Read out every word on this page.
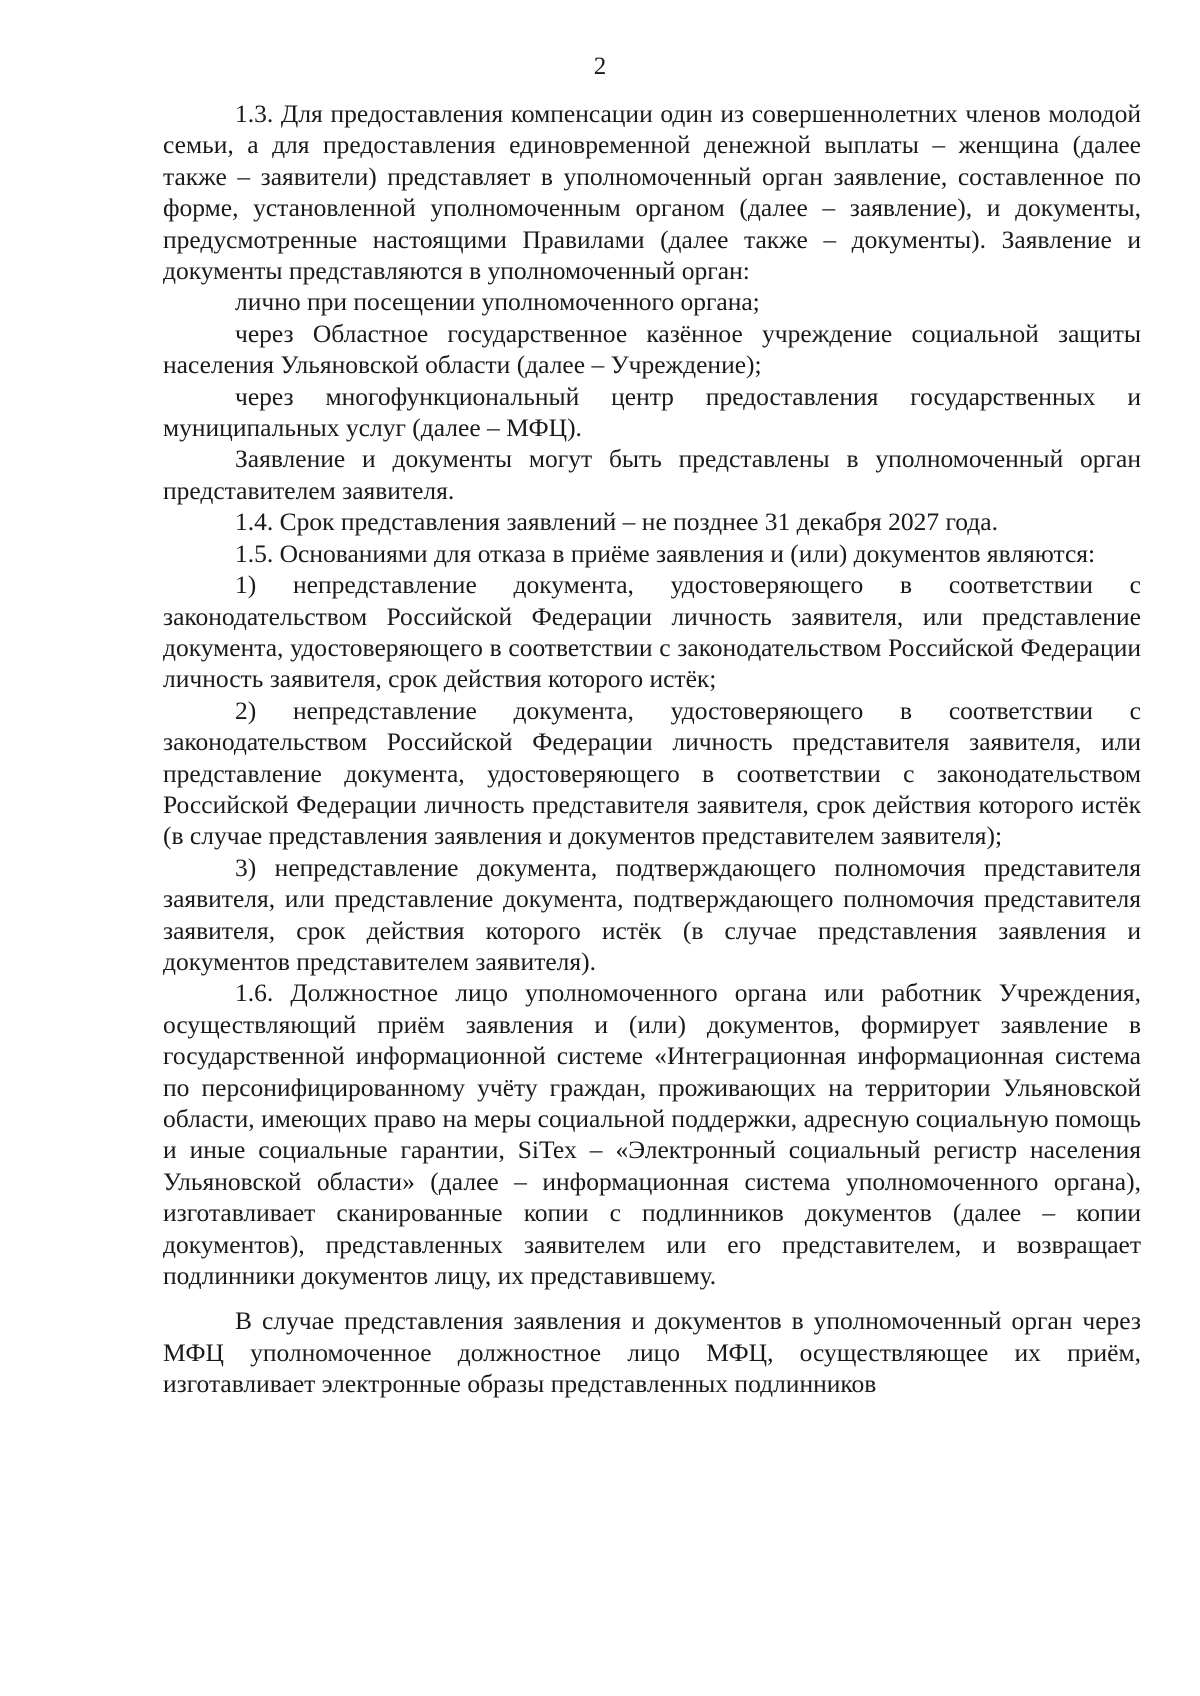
2

1.3. Для предоставления компенсации один из совершеннолетних членов молодой семьи, а для предоставления единовременной денежной выплаты – женщина (далее также – заявители) представляет в уполномоченный орган заявление, составленное по форме, установленной уполномоченным органом (далее – заявление), и документы, предусмотренные настоящими Правилами (далее также – документы). Заявление и документы представляются в уполномоченный орган:

лично при посещении уполномоченного органа;

через Областное государственное казённое учреждение социальной защиты населения Ульяновской области (далее – Учреждение);

через многофункциональный центр предоставления государственных и муниципальных услуг (далее – МФЦ).

Заявление и документы могут быть представлены в уполномоченный орган представителем заявителя.

1.4. Срок представления заявлений – не позднее 31 декабря 2027 года.

1.5. Основаниями для отказа в приёме заявления и (или) документов являются:

1) непредставление документа, удостоверяющего в соответствии с законодательством Российской Федерации личность заявителя, или представление документа, удостоверяющего в соответствии с законодательством Российской Федерации личность заявителя, срок действия которого истёк;

2) непредставление документа, удостоверяющего в соответствии с законодательством Российской Федерации личность представителя заявителя, или представление документа, удостоверяющего в соответствии с законодательством Российской Федерации личность представителя заявителя, срок действия которого истёк (в случае представления заявления и документов представителем заявителя);

3) непредставление документа, подтверждающего полномочия представителя заявителя, или представление документа, подтверждающего полномочия представителя заявителя, срок действия которого истёк (в случае представления заявления и документов представителем заявителя).

1.6. Должностное лицо уполномоченного органа или работник Учреждения, осуществляющий приём заявления и (или) документов, формирует заявление в государственной информационной системе «Интеграционная информационная система по персонифицированному учёту граждан, проживающих на территории Ульяновской области, имеющих право на меры социальной поддержки, адресную социальную помощь и иные социальные гарантии, SiTex – «Электронный социальный регистр населения Ульяновской области» (далее – информационная система уполномоченного органа), изготавливает сканированные копии с подлинников документов (далее – копии документов), представленных заявителем или его представителем, и возвращает подлинники документов лицу, их представившему.

В случае представления заявления и документов в уполномоченный орган через МФЦ уполномоченное должностное лицо МФЦ, осуществляющее их приём, изготавливает электронные образы представленных подлинников
